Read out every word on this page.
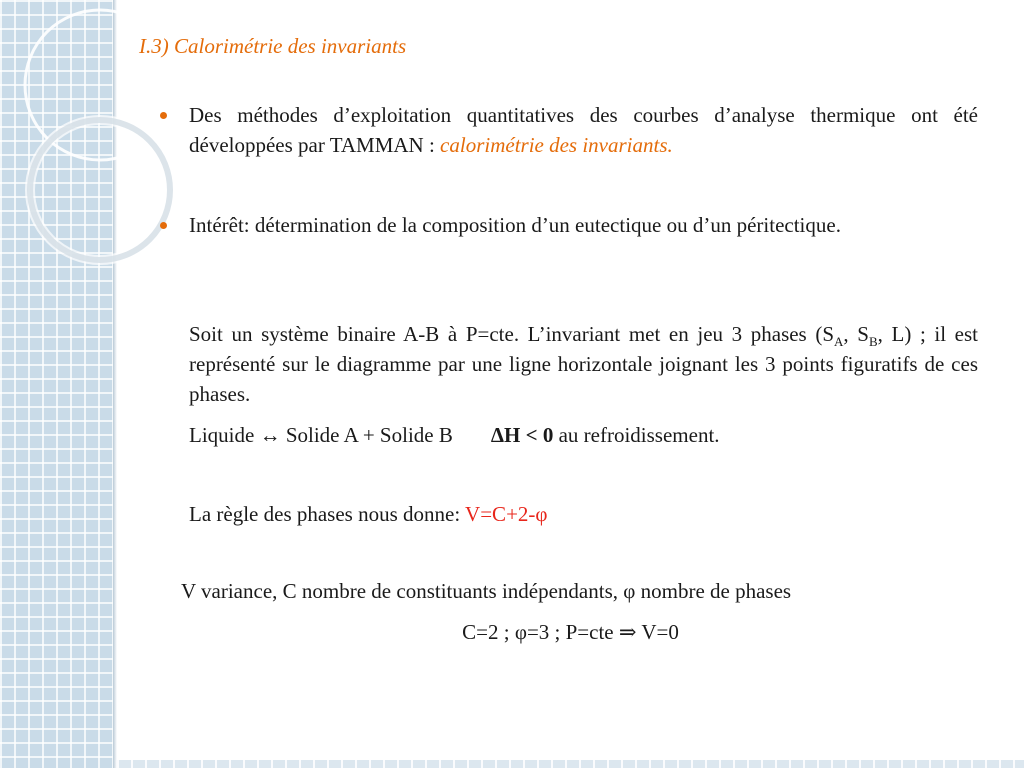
I.3) Calorimétrie des invariants

Des méthodes d’exploitation quantitatives des courbes d’analyse thermique ont été développées par TAMMAN : calorimétrie des invariants.

Intérêt: détermination de la composition d’un eutectique ou d’un péritectique.

Soit un système binaire A-B à P=cte. L’invariant met en jeu 3 phases ($S_A$, $S_B$, L) ; il est représenté sur le diagramme par une ligne horizontale joignant les 3 points figuratifs de ces phases.

Liquide ↔ Solide A + Solide B ΔH < 0 au refroidissement.

La règle des phases nous donne: V=C+2-φ

V variance, C nombre de constituants indépendants, φ nombre de phases

C=2 ; φ=3 ; P=cte ⇒ V=0
